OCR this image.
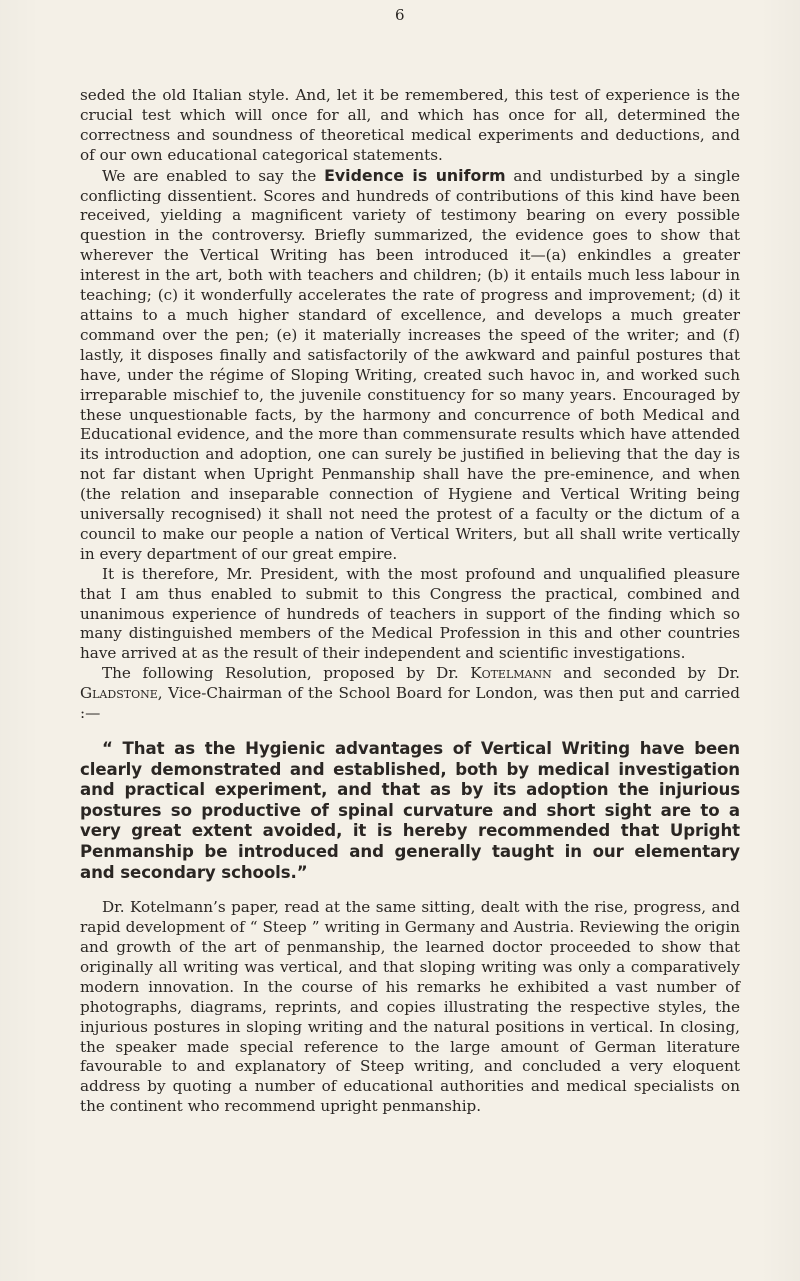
6

seded the old Italian style. And, let it be remembered, this test of experience is the crucial test which will once for all, and which has once for all, determined the correctness and soundness of theoretical medical experiments and deductions, and of our own educational categorical statements.

We are enabled to say the Evidence is uniform and undisturbed by a single conflicting dissentient. Scores and hundreds of contributions of this kind have been received, yielding a magnificent variety of testimony bearing on every possible question in the controversy. Briefly summarized, the evidence goes to show that wherever the Vertical Writing has been introduced it—(a) enkindles a greater interest in the art, both with teachers and children; (b) it entails much less labour in teaching; (c) it wonderfully accelerates the rate of progress and improvement; (d) it attains to a much higher standard of excellence, and develops a much greater command over the pen; (e) it materially increases the speed of the writer; and (f) lastly, it disposes finally and satisfactorily of the awkward and painful postures that have, under the régime of Sloping Writing, created such havoc in, and worked such irreparable mischief to, the juvenile constituency for so many years. Encouraged by these unquestionable facts, by the harmony and concurrence of both Medical and Educational evidence, and the more than commensurate results which have attended its introduction and adoption, one can surely be justified in believing that the day is not far distant when Upright Penmanship shall have the pre-eminence, and when (the relation and inseparable connection of Hygiene and Vertical Writing being universally recognised) it shall not need the protest of a faculty or the dictum of a council to make our people a nation of Vertical Writers, but all shall write vertically in every department of our great empire.

It is therefore, Mr. President, with the most profound and unqualified pleasure that I am thus enabled to submit to this Congress the practical, combined and unanimous experience of hundreds of teachers in support of the finding which so many distinguished members of the Medical Profession in this and other countries have arrived at as the result of their independent and scientific investigations.

The following Resolution, proposed by Dr. Kotelmann and seconded by Dr. Gladstone, Vice-Chairman of the School Board for London, was then put and carried :—

“ That as the Hygienic advantages of Vertical Writing have been clearly demonstrated and established, both by medical investigation and practical experiment, and that as by its adoption the injurious postures so productive of spinal curvature and short sight are to a very great extent avoided, it is hereby recommended that Upright Penmanship be introduced and generally taught in our elementary and secondary schools.”

Dr. Kotelmann’s paper, read at the same sitting, dealt with the rise, progress, and rapid development of “ Steep ” writing in Germany and Austria. Reviewing the origin and growth of the art of penmanship, the learned doctor proceeded to show that originally all writing was vertical, and that sloping writing was only a comparatively modern innovation. In the course of his remarks he exhibited a vast number of photographs, diagrams, reprints, and copies illustrating the respective styles, the injurious postures in sloping writing and the natural positions in vertical. In closing, the speaker made special reference to the large amount of German literature favourable to and explanatory of Steep writing, and concluded a very eloquent address by quoting a number of educational authorities and medical specialists on the continent who recommend upright penmanship.
